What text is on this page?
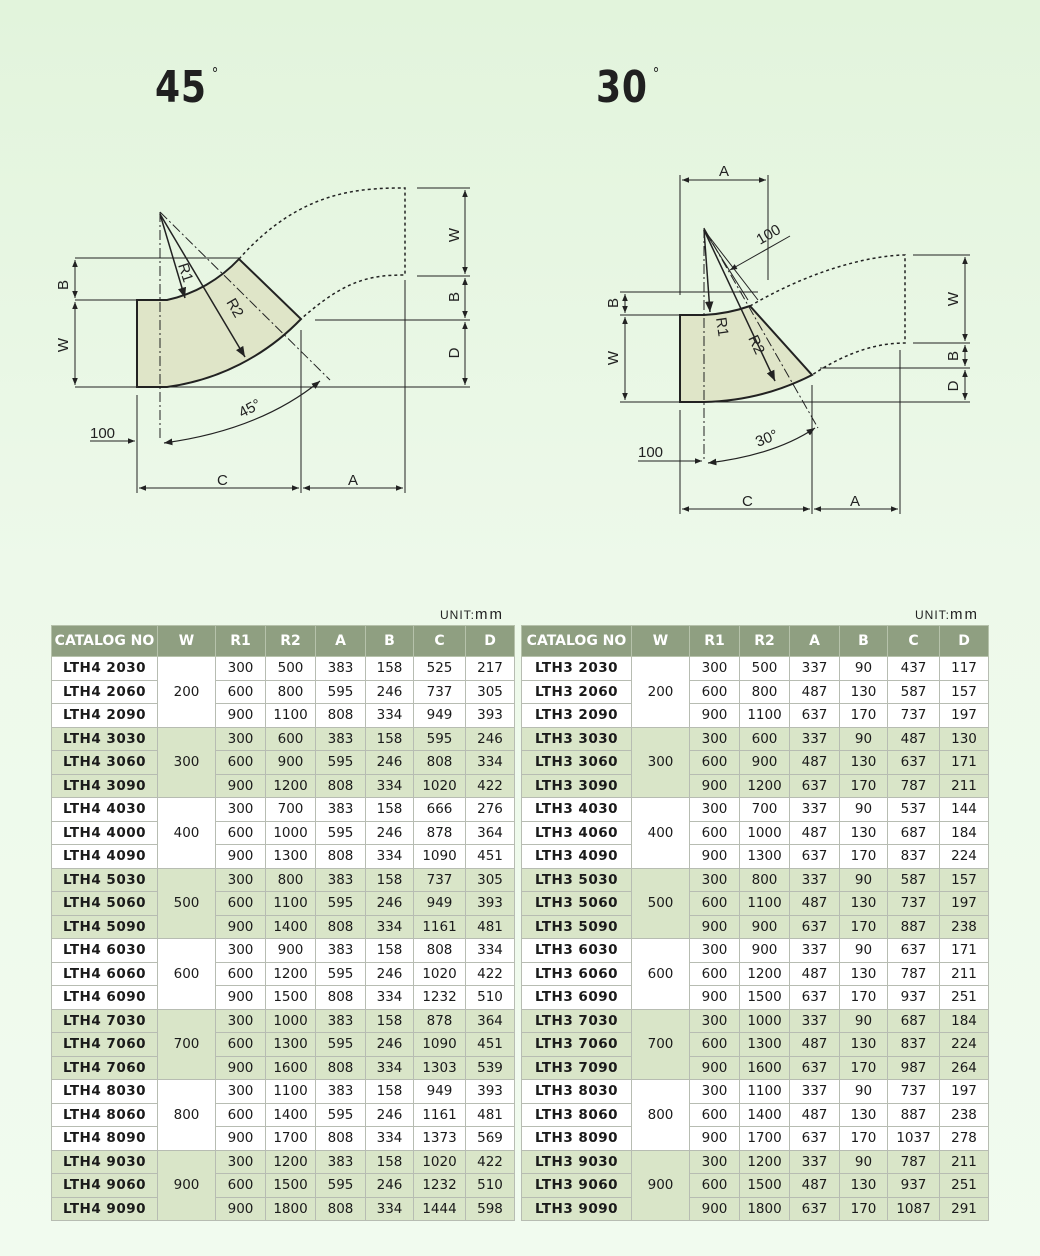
45 °	30 °
W
B
D
B
W
R1
R2
100
45°
C	A
A
100
W
B
D
B
W
R1
R2
100
30°
C	A
UNIT:mm	UNIT:mm
CATALOG NO	W	R1	R2	A	B	C	D
LTH4 2030	200	300	500	383	158	525	217
LTH4 2060		600	800	595	246	737	305
LTH4 2090		900	1100	808	334	949	393
LTH4 3030	300	300	600	383	158	595	246
LTH4 3060		600	900	595	246	808	334
LTH4 3090		900	1200	808	334	1020	422
LTH4 4030	400	300	700	383	158	666	276
LTH4 4000		600	1000	595	246	878	364
LTH4 4090		900	1300	808	334	1090	451
LTH4 5030	500	300	800	383	158	737	305
LTH4 5060		600	1100	595	246	949	393
LTH4 5090		900	1400	808	334	1161	481
LTH4 6030	600	300	900	383	158	808	334
LTH4 6060		600	1200	595	246	1020	422
LTH4 6090		900	1500	808	334	1232	510
LTH4 7030	700	300	1000	383	158	878	364
LTH4 7060		600	1300	595	246	1090	451
LTH4 7060		900	1600	808	334	1303	539
LTH4 8030	800	300	1100	383	158	949	393
LTH4 8060		600	1400	595	246	1161	481
LTH4 8090		900	1700	808	334	1373	569
LTH4 9030	900	300	1200	383	158	1020	422
LTH4 9060		600	1500	595	246	1232	510
LTH4 9090		900	1800	808	334	1444	598
CATALOG NO	W	R1	R2	A	B	C	D
LTH3 2030	200	300	500	337	90	437	117
LTH3 2060		600	800	487	130	587	157
LTH3 2090		900	1100	637	170	737	197
LTH3 3030	300	300	600	337	90	487	130
LTH3 3060		600	900	487	130	637	171
LTH3 3090		900	1200	637	170	787	211
LTH3 4030	400	300	700	337	90	537	144
LTH3 4060		600	1000	487	130	687	184
LTH3 4090		900	1300	637	170	837	224
LTH3 5030	500	300	800	337	90	587	157
LTH3 5060		600	1100	487	130	737	197
LTH3 5090		900	900	637	170	887	238
LTH3 6030	600	300	900	337	90	637	171
LTH3 6060		600	1200	487	130	787	211
LTH3 6090		900	1500	637	170	937	251
LTH3 7030	700	300	1000	337	90	687	184
LTH3 7060		600	1300	487	130	837	224
LTH3 7090		900	1600	637	170	987	264
LTH3 8030	800	300	1100	337	90	737	197
LTH3 8060		600	1400	487	130	887	238
LTH3 8090		900	1700	637	170	1037	278
LTH3 9030	900	300	1200	337	90	787	211
LTH3 9060		600	1500	487	130	937	251
LTH3 9090		900	1800	637	170	1087	291
